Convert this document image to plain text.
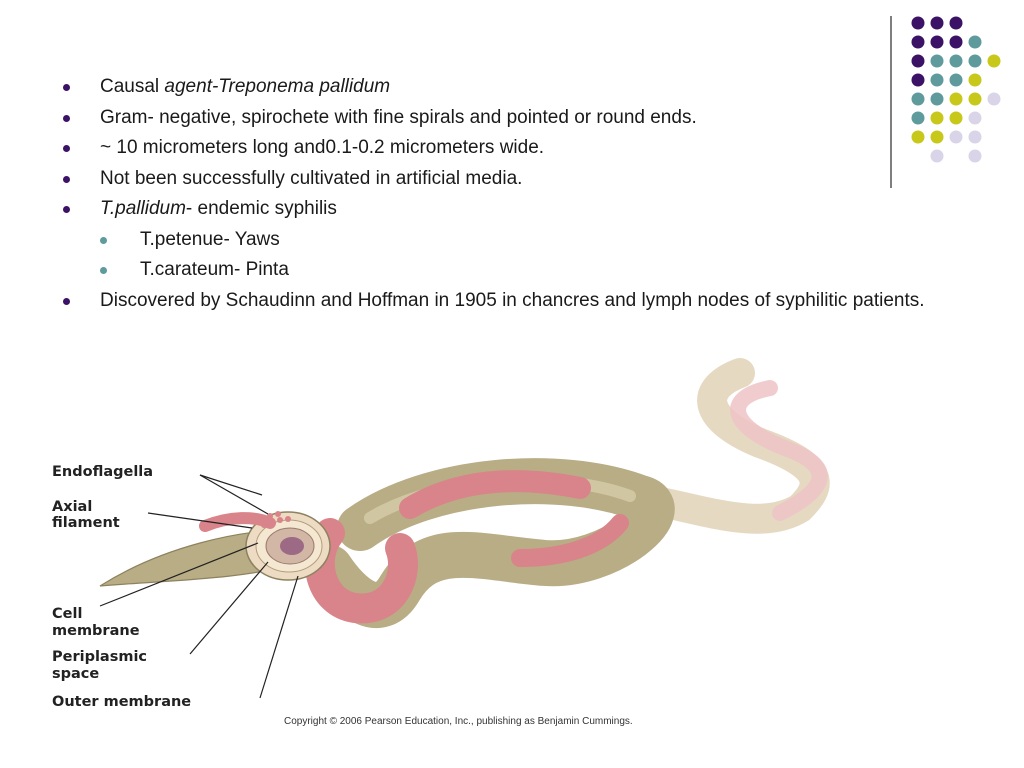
Causal agent-Treponema pallidum
Gram- negative, spirochete with fine spirals and pointed or round ends.
~ 10 micrometers long and0.1-0.2 micrometers wide.
Not been successfully cultivated in artificial media.
T.pallidum- endemic syphilis
T.petenue- Yaws
T.carateum- Pinta
Discovered by Schaudinn and Hoffman in 1905 in chancres and lymph nodes of syphilitic patients.
Endoflagella
Axial
filament
Cell
membrane
Periplasmic
space
Outer membrane
Copyright © 2006 Pearson Education, Inc., publishing as Benjamin Cummings.
